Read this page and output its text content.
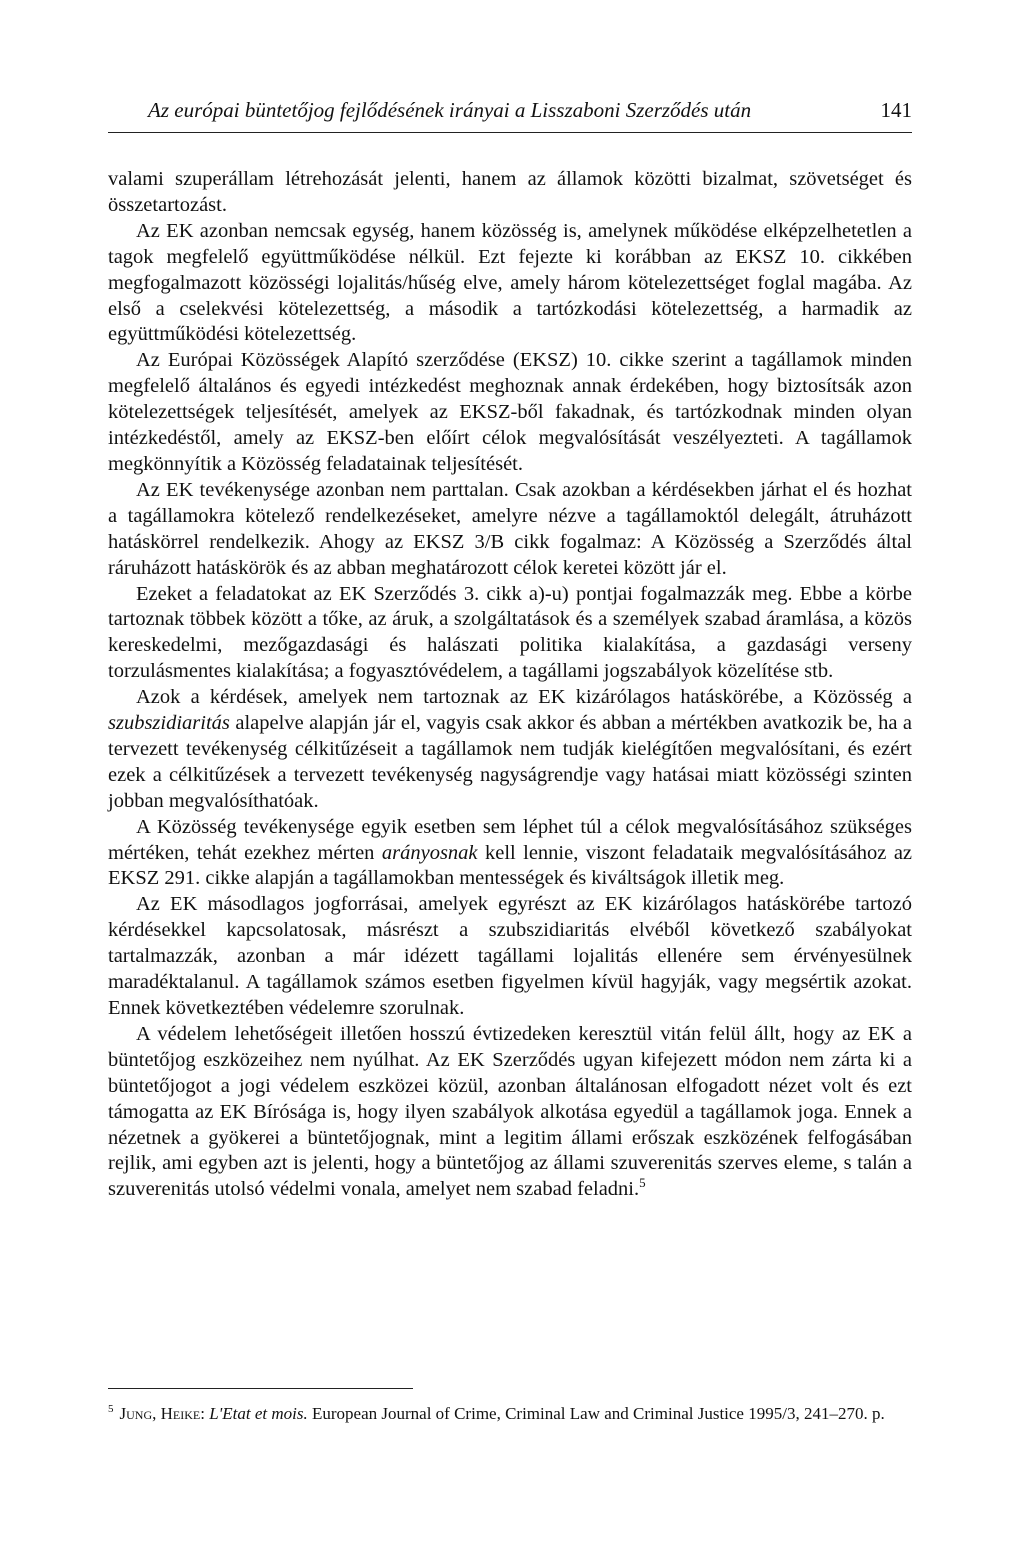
Az európai büntetőjog fejlődésének irányai a Lisszaboni Szerződés után	141

valami szuperállam létrehozását jelenti, hanem az államok közötti bizalmat, szövetséget és összetartozást.

Az EK azonban nemcsak egység, hanem közösség is, amelynek működése elképzelhetetlen a tagok megfelelő együttműködése nélkül. Ezt fejezte ki korábban az EKSZ 10. cikkében megfogalmazott közösségi lojalitás/hűség elve, amely három kötelezettséget foglal magába. Az első a cselekvési kötelezettség, a második a tartózkodási kötelezettség, a harmadik az együttműködési kötelezettség.

Az Európai Közösségek Alapító szerződése (EKSZ) 10. cikke szerint a tagállamok minden megfelelő általános és egyedi intézkedést meghoznak annak érdekében, hogy biztosítsák azon kötelezettségek teljesítését, amelyek az EKSZ-ből fakadnak, és tartózkodnak minden olyan intézkedéstől, amely az EKSZ-ben előírt célok megvalósítását veszélyezteti. A tagállamok megkönnyítik a Közösség feladatainak teljesítését.

Az EK tevékenysége azonban nem parttalan. Csak azokban a kérdésekben járhat el és hozhat a tagállamokra kötelező rendelkezéseket, amelyre nézve a tagállamoktól delegált, átruházott hatáskörrel rendelkezik. Ahogy az EKSZ 3/B cikk fogalmaz: A Közösség a Szerződés által ráruházott hatáskörök és az abban meghatározott célok keretei között jár el.

Ezeket a feladatokat az EK Szerződés 3. cikk a)-u) pontjai fogalmazzák meg. Ebbe a körbe tartoznak többek között a tőke, az áruk, a szolgáltatások és a személyek szabad áramlása, a közös kereskedelmi, mezőgazdasági és halászati politika kialakítása, a gazdasági verseny torzulásmentes kialakítása; a fogyasztóvédelem, a tagállami jogszabályok közelítése stb.

Azok a kérdések, amelyek nem tartoznak az EK kizárólagos hatáskörébe, a Közösség a szubszidiaritás alapelve alapján jár el, vagyis csak akkor és abban a mértékben avatkozik be, ha a tervezett tevékenység célkitűzéseit a tagállamok nem tudják kielégítően megvalósítani, és ezért ezek a célkitűzések a tervezett tevékenység nagyságrendje vagy hatásai miatt közösségi szinten jobban megvalósíthatóak.

A Közösség tevékenysége egyik esetben sem léphet túl a célok megvalósításához szükséges mértéken, tehát ezekhez mérten arányosnak kell lennie, viszont feladataik megvalósításához az EKSZ 291. cikke alapján a tagállamokban mentességek és kiváltságok illetik meg.

Az EK másodlagos jogforrásai, amelyek egyrészt az EK kizárólagos hatáskörébe tartozó kérdésekkel kapcsolatosak, másrészt a szubszidiaritás elvéből következő szabályokat tartalmazzák, azonban a már idézett tagállami lojalitás ellenére sem érvényesülnek maradéktalanul. A tagállamok számos esetben figyelmen kívül hagyják, vagy megsértik azokat. Ennek következtében védelemre szorulnak.

A védelem lehetőségeit illetően hosszú évtizedeken keresztül vitán felül állt, hogy az EK a büntetőjog eszközeihez nem nyúlhat. Az EK Szerződés ugyan kifejezett módon nem zárta ki a büntetőjogot a jogi védelem eszközei közül, azonban általánosan elfogadott nézet volt és ezt támogatta az EK Bírósága is, hogy ilyen szabályok alkotása egyedül a tagállamok joga. Ennek a nézetnek a gyökerei a büntetőjognak, mint a legitim állami erőszak eszközének felfogásában rejlik, ami egyben azt is jelenti, hogy a büntetőjog az állami szuverenitás szerves eleme, s talán a szuverenitás utolsó védelmi vonala, amelyet nem szabad feladni.$^5$

$^5$ Jung, Heike: L'Etat et mois. European Journal of Crime, Criminal Law and Criminal Justice 1995/3, 241–270. p.
